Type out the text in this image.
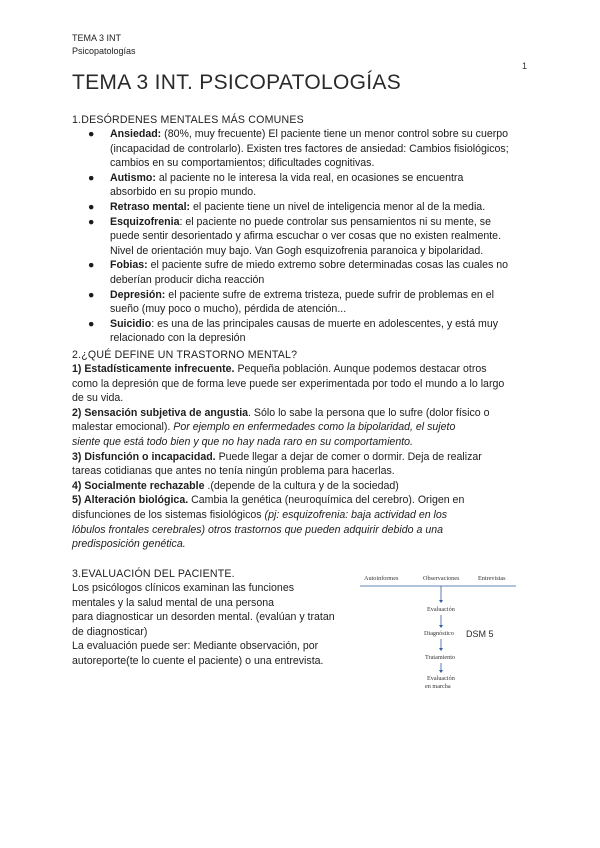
TEMA 3 INT
Psicopatologías
1
TEMA 3 INT. PSICOPATOLOGÍAS
1.DESÓRDENES MENTALES MÁS COMUNES
● Ansiedad: (80%, muy frecuente) El paciente tiene un menor control sobre su cuerpo
(incapacidad de controlarlo). Existen tres factores de ansiedad: Cambios fisiológicos;
cambios en su comportamientos; dificultades cognitivas.
● Autismo: al paciente no le interesa la vida real, en ocasiones se encuentra
absorbido en su propio mundo.
● Retraso mental: el paciente tiene un nivel de inteligencia menor al de la media.
● Esquizofrenia: el paciente no puede controlar sus pensamientos ni su mente, se
puede sentir desorientado y afirma escuchar o ver cosas que no existen realmente.
Nivel de orientación muy bajo. Van Gogh esquizofrenia paranoica y bipolaridad.
● Fobias: el paciente sufre de miedo extremo sobre determinadas cosas las cuales no
deberían producir dicha reacción
● Depresión: el paciente sufre de extrema tristeza, puede sufrir de problemas en el
sueño (muy poco o mucho), pérdida de atención...
● Suicidio: es una de las principales causas de muerte en adolescentes, y está muy
relacionado con la depresión
2.¿QUÉ DEFINE UN TRASTORNO MENTAL?
1) Estadísticamente infrecuente. Pequeña población. Aunque podemos destacar otros
como la depresión que de forma leve puede ser experimentada por todo el mundo a lo largo
de su vida.
2) Sensación subjetiva de angustia. Sólo lo sabe la persona que lo sufre (dolor físico o
malestar emocional). Por ejemplo en enfermedades como la bipolaridad, el sujeto
siente que está todo bien y que no hay nada raro en su comportamiento.
3) Disfunción o incapacidad. Puede llegar a dejar de comer o dormir. Deja de realizar
tareas cotidianas que antes no tenía ningún problema para hacerlas.
4) Socialmente rechazable .(depende de la cultura y de la sociedad)
5) Alteración biológica. Cambia la genética (neuroquímica del cerebro). Origen en
disfunciones de los sistemas fisiológicos (pj: esquizofrenia: baja actividad en los
lóbulos frontales cerebrales) otros trastornos que pueden adquirir debido a una
predisposición genética.
3.EVALUACIÓN DEL PACIENTE.
Los psicólogos clínicos examinan las funciones
mentales y la salud mental de una persona
para diagnosticar un desorden mental. (evalúan y tratan
de diagnosticar)
La evaluación puede ser: Mediante observación, por
autoreporte(te lo cuente el paciente) o una entrevista.
Autoinformes	Observaciones	Entrevistas
Evaluación
Diagnóstico
Tratamiento
Evaluación
en marcha
DSM 5
